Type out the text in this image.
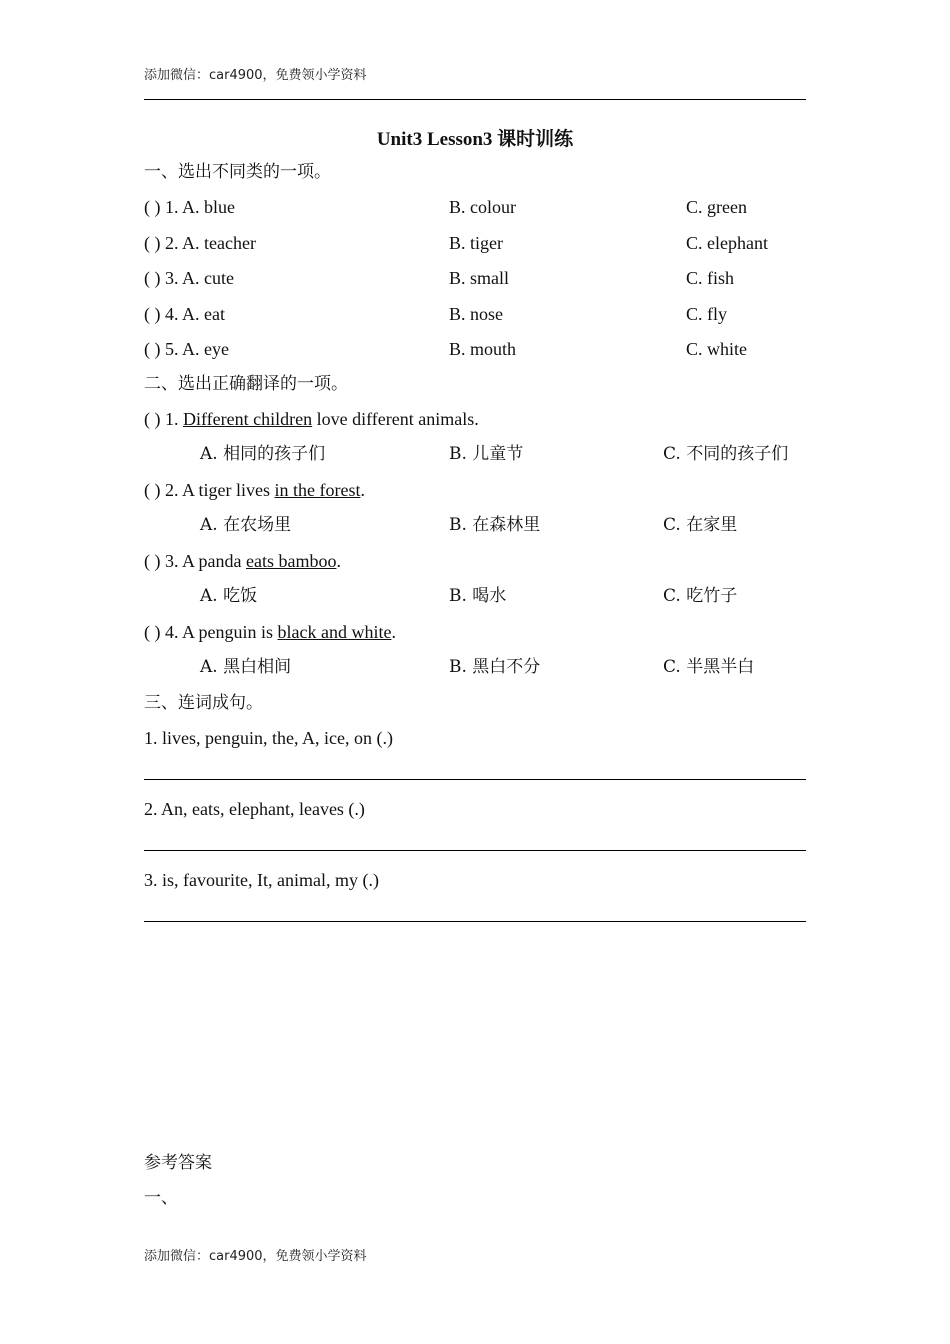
添加微信：car4900，免费领小学资料
Unit3 Lesson3 课时训练
一、选出不同类的一项。
( ) 1. A. blue	B. colour	C. green
( ) 2. A. teacher	B. tiger	C. elephant
( ) 3. A. cute	B. small	C. fish
( ) 4. A. eat	B. nose	C. fly
( ) 5. A. eye	B. mouth	C. white
二、选出正确翻译的一项。
( ) 1. Different children love different animals.
A. 相同的孩子们	B. 儿童节	C. 不同的孩子们
( ) 2. A tiger lives in the forest.
A. 在农场里	B. 在森林里	C. 在家里
( ) 3. A panda eats bamboo.
A. 吃饭	B. 喝水	C. 吃竹子
( ) 4. A penguin is black and white.
A. 黑白相间	B. 黑白不分	C. 半黑半白
三、连词成句。
1. lives, penguin, the, A, ice, on (.)
2. An, eats, elephant, leaves (.)
3. is, favourite, It, animal, my (.)
参考答案
一、
添加微信：car4900，免费领小学资料
